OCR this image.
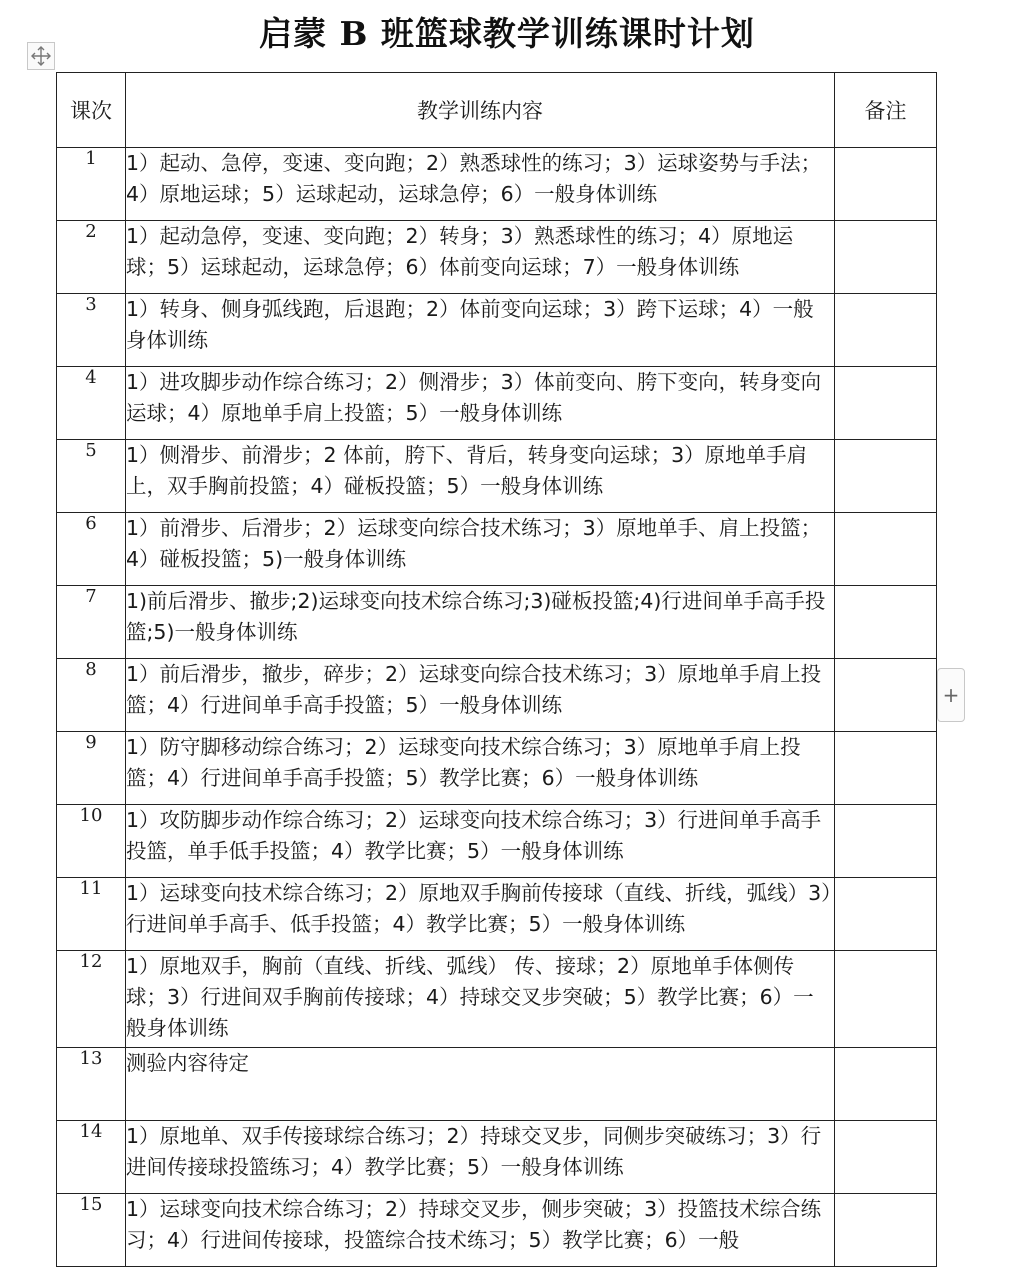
启蒙 B 班篮球教学训练课时计划
+
课次	教学训练内容	备注
1	1）起动、急停，变速、变向跑；2）熟悉球性的练习；3）运球姿势与手法；4）原地运球；5）运球起动，运球急停；6）一般身体训练	
2	1）起动急停，变速、变向跑；2）转身；3）熟悉球性的练习；4）原地运球；5）运球起动，运球急停；6）体前变向运球；7）一般身体训练	
3	1）转身、侧身弧线跑，后退跑；2）体前变向运球；3）跨下运球；4）一般身体训练	
4	1）进攻脚步动作综合练习；2）侧滑步；3）体前变向、胯下变向，转身变向运球；4）原地单手肩上投篮；5）一般身体训练	
5	1）侧滑步、前滑步；2 体前，胯下、背后，转身变向运球；3）原地单手肩上，双手胸前投篮；4）碰板投篮；5）一般身体训练	
6	1）前滑步、后滑步；2）运球变向综合技术练习；3）原地单手、肩上投篮；4）碰板投篮；5)一般身体训练	
7	1)前后滑步、撤步;2)运球变向技术综合练习;3)碰板投篮;4)行进间单手高手投篮;5)一般身体训练	
8	1）前后滑步，撤步，碎步；2）运球变向综合技术练习；3）原地单手肩上投篮；4）行进间单手高手投篮；5）一般身体训练	
9	1）防守脚移动综合练习；2）运球变向技术综合练习；3）原地单手肩上投篮；4）行进间单手高手投篮；5）教学比赛；6）一般身体训练	
10	1）攻防脚步动作综合练习；2）运球变向技术综合练习；3）行进间单手高手投篮，单手低手投篮；4）教学比赛；5）一般身体训练	
11	1）运球变向技术综合练习；2）原地双手胸前传接球（直线、折线，弧线）3）行进间单手高手、低手投篮；4）教学比赛；5）一般身体训练	
12	1）原地双手，胸前（直线、折线、弧线） 传、接球；2）原地单手体侧传球；3）行进间双手胸前传接球；4）持球交叉步突破；5）教学比赛；6）一般身体训练	
13	测验内容待定	
14	1）原地单、双手传接球综合练习；2）持球交叉步，同侧步突破练习；3）行进间传接球投篮练习；4）教学比赛；5）一般身体训练	
15	1）运球变向技术综合练习；2）持球交叉步，侧步突破；3）投篮技术综合练习；4）行进间传接球，投篮综合技术练习；5）教学比赛；6）一般	
